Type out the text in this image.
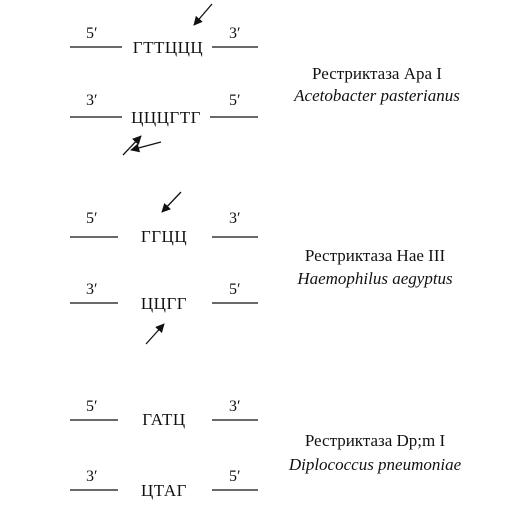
5′
ГТТЦЦЦ
3′
Рестриктаза Apa I
Acetobacter pasterianus
3′
ЦЦЦГТГ
5′
5′
ГГЦЦ
3′
Рестриктаза Hae III
Haemophilus aegyptus
3′
ЦЦГГ
5′
5′
ГАТЦ
3′
Рестриктаза Dp;m I
Diplococcus pneumoniae
3′
ЦТАГ
5′
